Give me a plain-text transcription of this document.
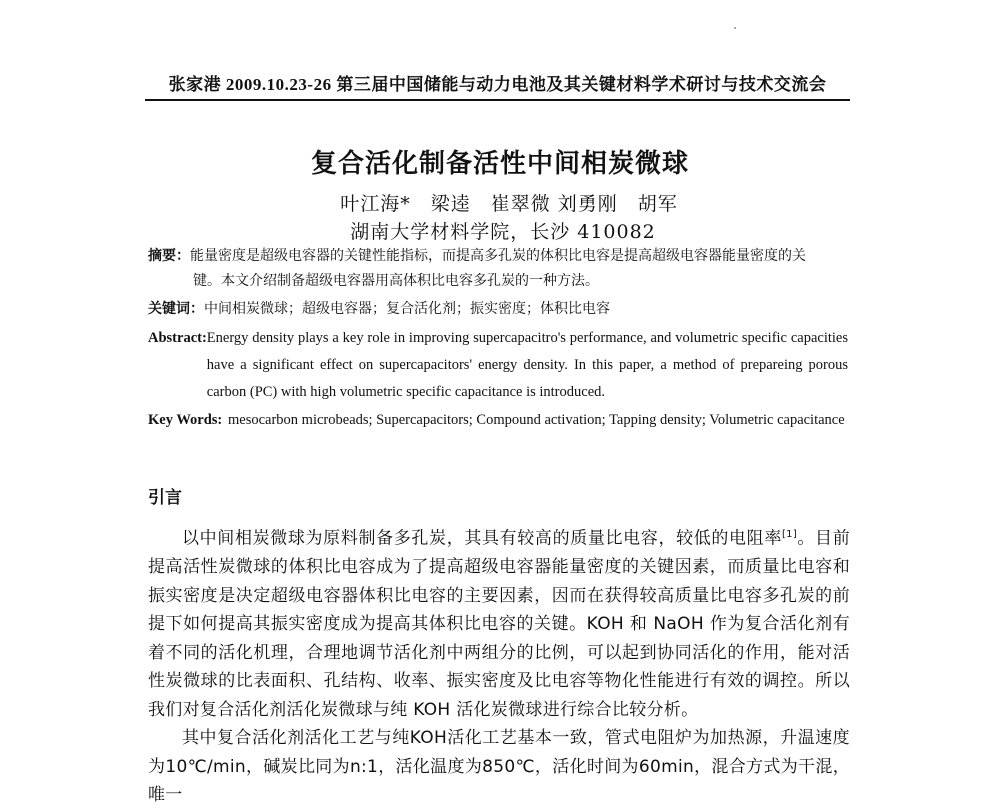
张家港 2009.10.23-26 第三届中国储能与动力电池及其关键材料学术研讨与技术交流会
复合活化制备活性中间相炭微球
叶江海*　梁逵　崔翠微 刘勇刚　胡军
湖南大学材料学院，长沙 410082
摘要：能量密度是超级电容器的关键性能指标，而提高多孔炭的体积比电容是提高超级电容器能量密度的关
键。本文介绍制备超级电容器用高体积比电容多孔炭的一种方法。
关键词：中间相炭微球；超级电容器；复合活化剂；振实密度；体积比电容
Abstract: Energy density plays a key role in improving supercapacitro's performance, and volumetric specific capacities have a significant effect on supercapacitors' energy density. In this paper, a method of prepareing porous carbon (PC) with high volumetric specific capacitance is introduced.
Key Words: mesocarbon microbeads; Supercapacitors; Compound activation; Tapping density; Volumetric capacitance
引言

以中间相炭微球为原料制备多孔炭，其具有较高的质量比电容，较低的电阻率[1]。目前提高活性炭微球的体积比电容成为了提高超级电容器能量密度的关键因素，而质量比电容和振实密度是决定超级电容器体积比电容的主要因素，因而在获得较高质量比电容多孔炭的前提下如何提高其振实密度成为提高其体积比电容的关键。KOH 和 NaOH 作为复合活化剂有着不同的活化机理，合理地调节活化剂中两组分的比例，可以起到协同活化的作用，能对活性炭微球的比表面积、孔结构、收率、振实密度及比电容等物化性能进行有效的调控。所以我们对复合活化剂活化炭微球与纯 KOH 活化炭微球进行综合比较分析。

其中复合活化剂活化工艺与纯KOH活化工艺基本一致，管式电阻炉为加热源，升温速度为10℃/min，碱炭比同为n:1，活化温度为850℃，活化时间为60min，混合方式为干混，唯一
